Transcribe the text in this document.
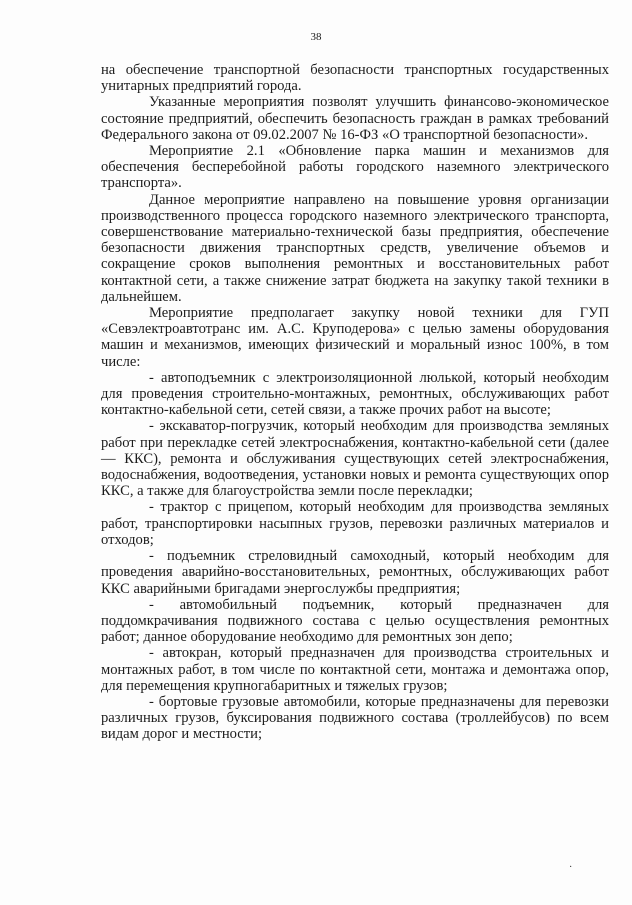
38

на обеспечение транспортной безопасности транспортных государственных унитарных предприятий города.

Указанные мероприятия позволят улучшить финансово-экономическое состояние предприятий, обеспечить безопасность граждан в рамках требований Федерального закона от 09.02.2007 № 16-ФЗ «О транспортной безопасности».

Мероприятие 2.1 «Обновление парка машин и механизмов для обеспечения бесперебойной работы городского наземного электрического транспорта».

Данное мероприятие направлено на повышение уровня организации производственного процесса городского наземного электрического транспорта, совершенствование материально-технической базы предприятия, обеспечение безопасности движения транспортных средств, увеличение объемов и сокращение сроков выполнения ремонтных и восстановительных работ контактной сети, а также снижение затрат бюджета на закупку такой техники в дальнейшем.

Мероприятие предполагает закупку новой техники для ГУП «Севэлектроавтотранс им. А.С. Круподерова» с целью замены оборудования машин и механизмов, имеющих физический и моральный износ 100%, в том числе:

- автоподъемник с электроизоляционной люлькой, который необходим для проведения строительно-монтажных, ремонтных, обслуживающих работ контактно-кабельной сети, сетей связи, а также прочих работ на высоте;

- экскаватор-погрузчик, который необходим для производства земляных работ при перекладке сетей электроснабжения, контактно-кабельной сети (далее — ККС), ремонта и обслуживания существующих сетей электроснабжения, водоснабжения, водоотведения, установки новых и ремонта существующих опор ККС, а также для благоустройства земли после перекладки;

- трактор с прицепом, который необходим для производства земляных работ, транспортировки насыпных грузов, перевозки различных материалов и отходов;

- подъемник стреловидный самоходный, который необходим для проведения аварийно-восстановительных, ремонтных, обслуживающих работ ККС аварийными бригадами энергослужбы предприятия;

- автомобильный подъемник, который предназначен для поддомкрачивания подвижного состава с целью осуществления ремонтных работ; данное оборудование необходимо для ремонтных зон депо;

- автокран, который предназначен для производства строительных и монтажных работ, в том числе по контактной сети, монтажа и демонтажа опор, для перемещения крупногабаритных и тяжелых грузов;

- бортовые грузовые автомобили, которые предназначены для перевозки различных грузов, буксирования подвижного состава (троллейбусов) по всем видам дорог и местности;

·
